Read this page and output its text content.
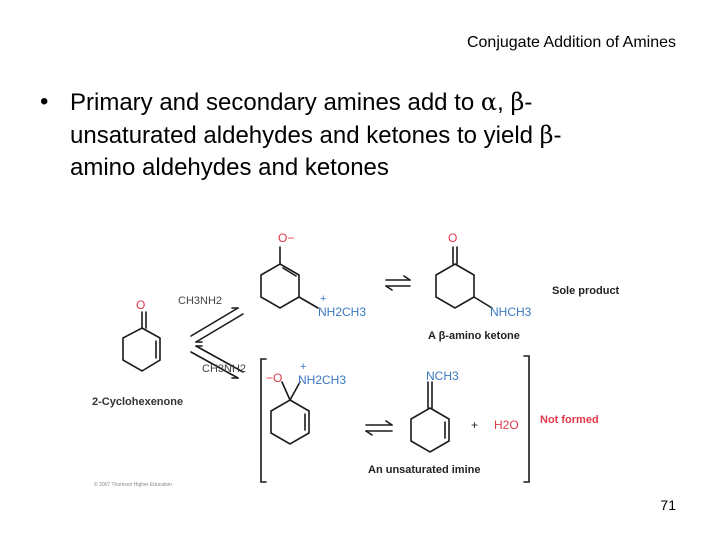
Conjugate Addition of Amines
• Primary and secondary amines add to α, β-
unsaturated aldehydes and ketones to yield β-
amino aldehydes and ketones
O
2-Cyclohexenone
CH3NH2
CH3NH2
O−
+
NH2CH3
O
NHCH3
Sole product
A β-amino ketone
−O
+
NH2CH3	NCH3
+ H2O Not formed
An unsaturated imine
© 2007 Thomson Higher Education
71
